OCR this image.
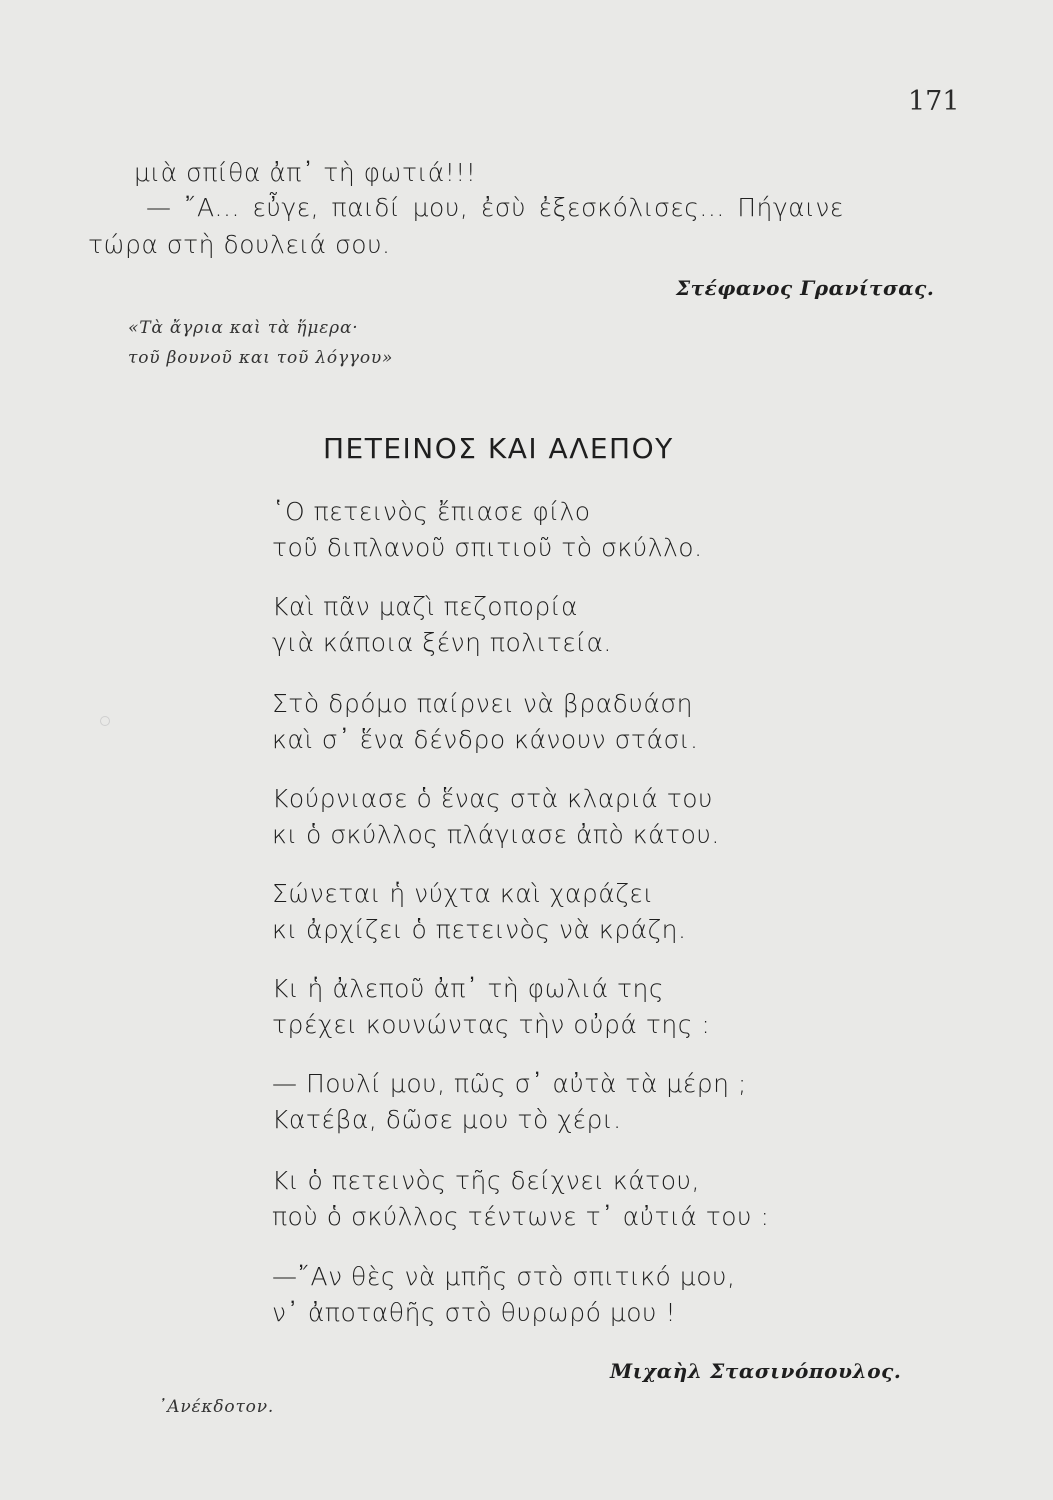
171
μιὰ σπίθα ἀπ᾽ τὴ φωτιά!!!
— ῎Α... εὖγε, παιδί μου, ἐσὺ ἐξεσκόλισες... Πήγαινε
τώρα στὴ δουλειά σου.
Στέφανος Γρανίτσας.
«Τὰ ἄγρια καὶ τὰ ἥμερα·
τοῦ βουνοῦ και τοῦ λόγγου»
ΠΕΤΕΙΝΟΣ ΚΑΙ ΑΛΕΠΟΥ
῾Ο πετεινὸς ἔπιασε φίλο
τοῦ διπλανοῦ σπιτιοῦ τὸ σκύλλο.
Καὶ πᾶν μαζὶ πεζοπορία
γιὰ κάποια ξένη πολιτεία.
Στὸ δρόμο παίρνει νὰ βραδυάση
καὶ σ᾽ ἕνα δένδρο κάνουν στάσι.
Κούρνιασε ὁ ἕνας στὰ κλαριά του
κι ὁ σκύλλος πλάγιασε ἀπὸ κάτου.
Σώνεται ἡ νύχτα καὶ χαράζει
κι ἀρχίζει ὁ πετεινὸς νὰ κράζη.
Κι ἡ ἀλεποῦ ἀπ᾽ τὴ φωλιά της
τρέχει κουνώντας τὴν οὐρά της :
— Πουλί μου, πῶς σ᾽ αὐτὰ τὰ μέρη ;
Κατέβα, δῶσε μου τὸ χέρι.
Κι ὁ πετεινὸς τῆς δείχνει κάτου,
ποὺ ὁ σκύλλος τέντωνε τ᾽ αὐτιά του :
—῎Αν θὲς νὰ μπῆς στὸ σπιτικό μου,
ν᾽ ἀποταθῆς στὸ θυρωρό μου !
Μιχαὴλ Στασινόπουλος.
᾽Ανέκδοτον.
